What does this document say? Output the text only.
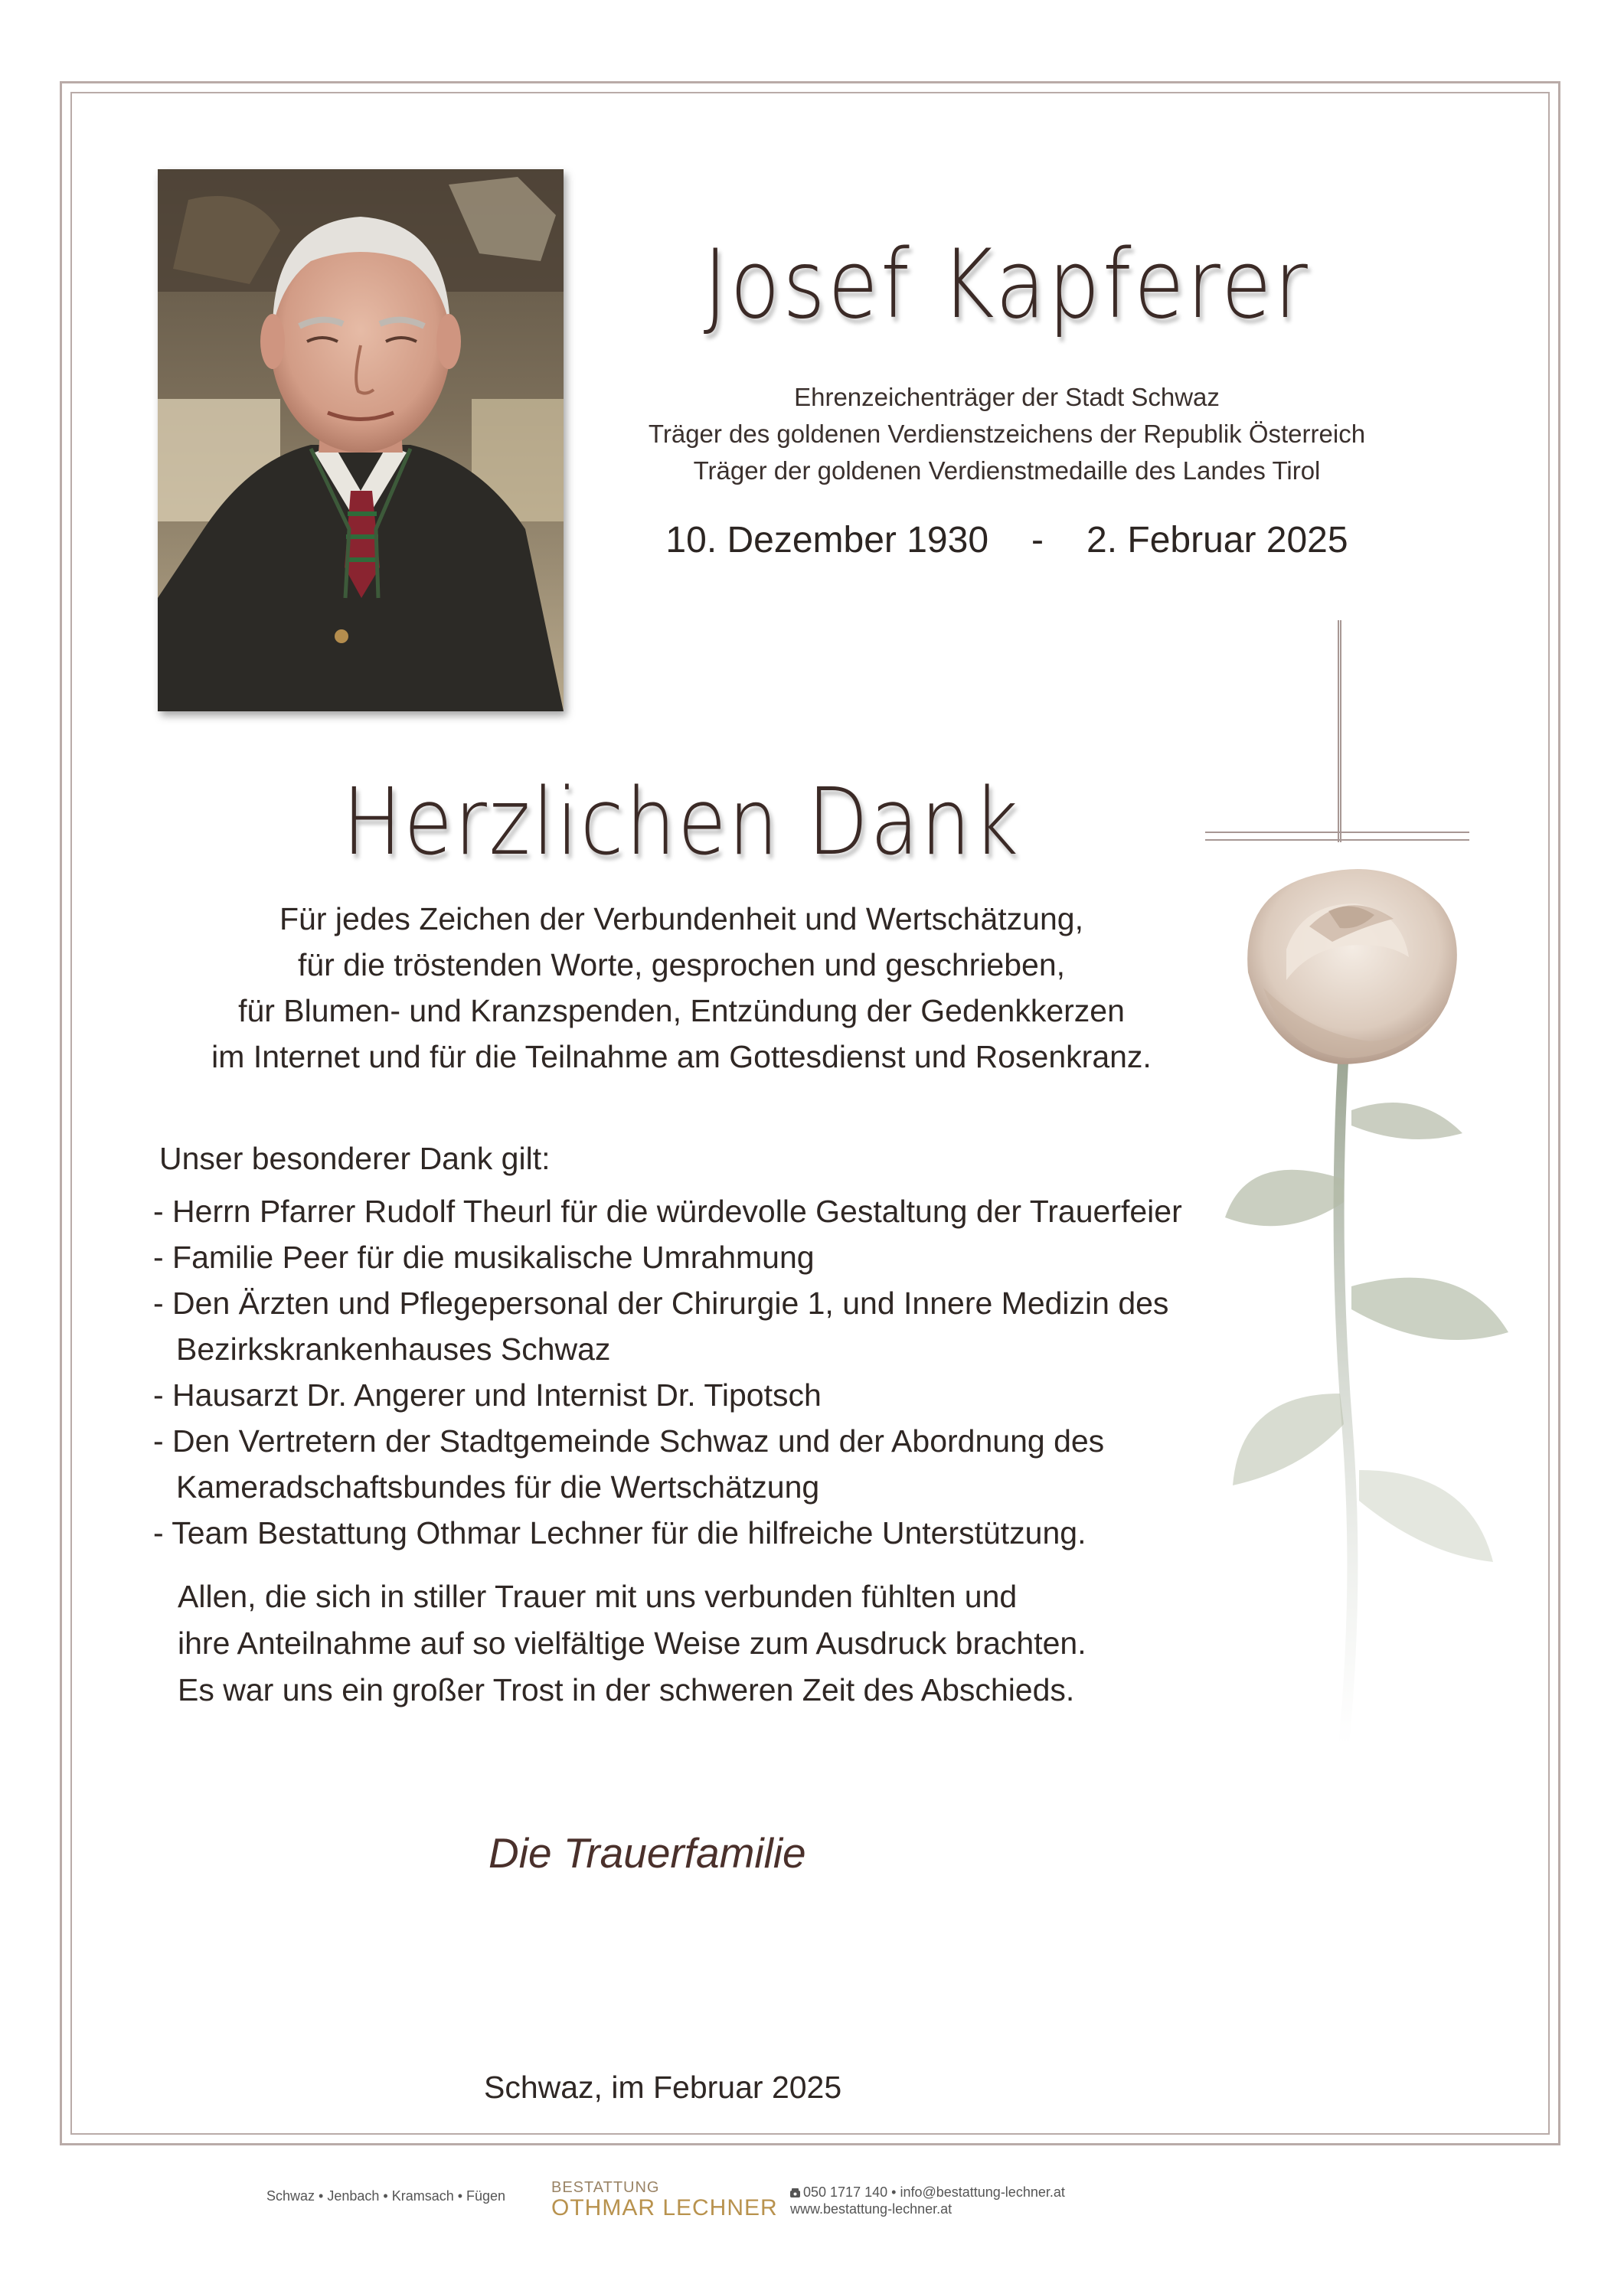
Josef Kapferer
Ehrenzeichenträger der Stadt Schwaz
Träger des goldenen Verdienstzeichens der Republik Österreich
Träger der goldenen Verdienstmedaille des Landes Tirol
10. Dezember 1930 - 2. Februar 2025
Herzlichen Dank
Für jedes Zeichen der Verbundenheit und Wertschätzung,
für die tröstenden Worte, gesprochen und geschrieben,
für Blumen- und Kranzspenden, Entzündung der Gedenkkerzen
im Internet und für die Teilnahme am Gottesdienst und Rosenkranz.
Unser besonderer Dank gilt:
- Herrn Pfarrer Rudolf Theurl für die würdevolle Gestaltung der Trauerfeier
- Familie Peer für die musikalische Umrahmung
- Den Ärzten und Pflegepersonal der Chirurgie 1, und Innere Medizin des Bezirkskrankenhauses Schwaz
- Hausarzt Dr. Angerer und Internist Dr. Tipotsch
- Den Vertretern der Stadtgemeinde Schwaz und der Abordnung des Kameradschaftsbundes für die Wertschätzung
- Team Bestattung Othmar Lechner für die hilfreiche Unterstützung.
Allen, die sich in stiller Trauer mit uns verbunden fühlten und
ihre Anteilnahme auf so vielfältige Weise zum Ausdruck brachten.
Es war uns ein großer Trost in der schweren Zeit des Abschieds.
Die Trauerfamilie
Schwaz, im Februar 2025
Schwaz • Jenbach • Kramsach • Fügen	BESTATTUNG
OTHMAR LECHNER
050 1717 140 • info@bestattung-lechner.at
www.bestattung-lechner.at
